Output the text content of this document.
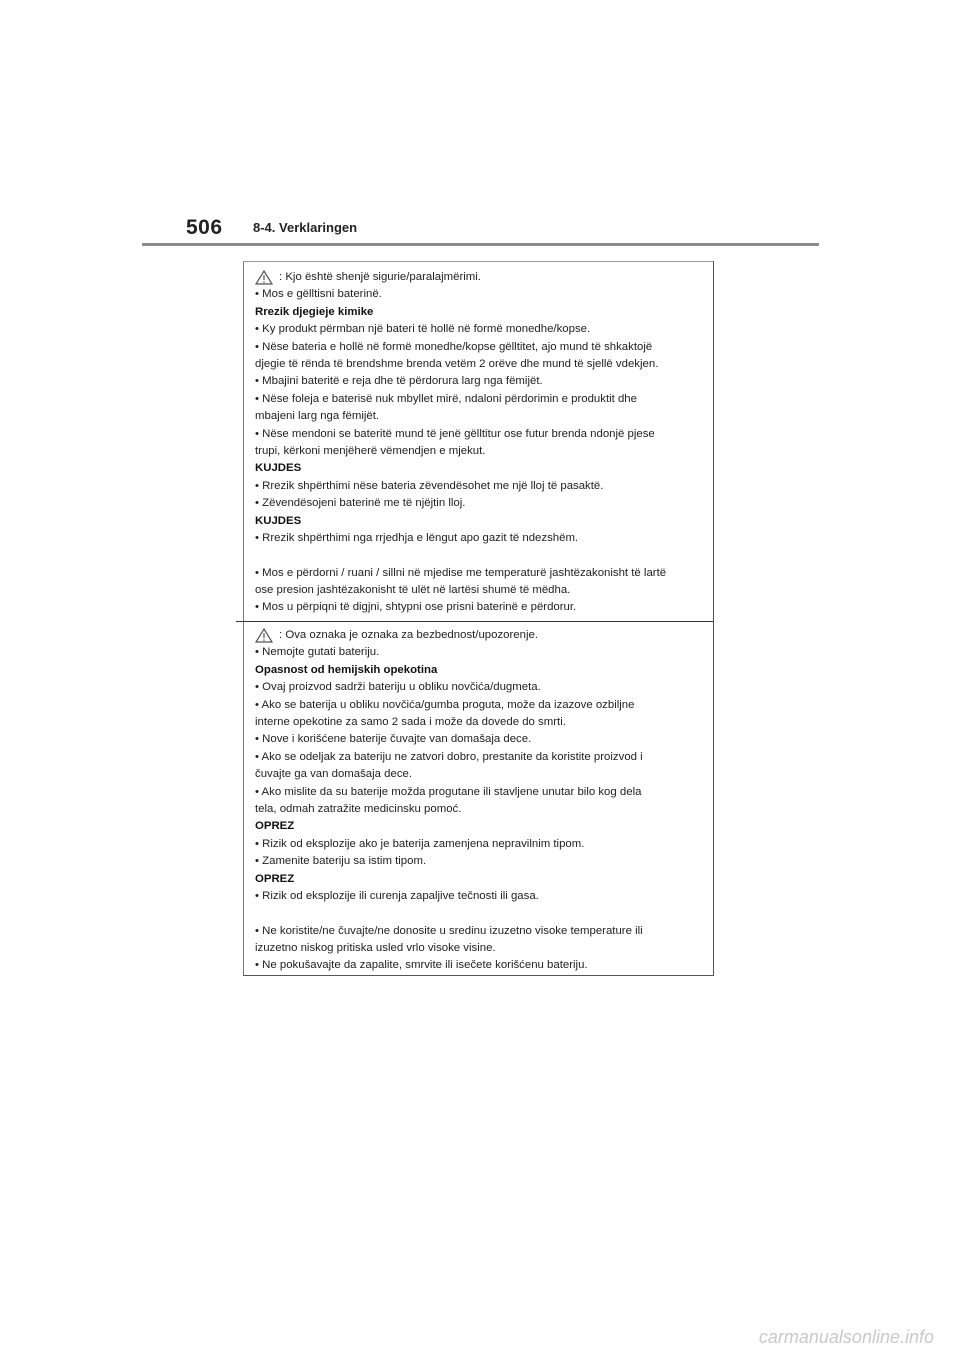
506 8-4. Verklaringen
: Kjo është shenjë sigurie/paralajmërimi.
• Mos e gëlltisni baterinë.
Rrezik djegieje kimike
• Ky produkt përmban një bateri të hollë në formë monedhe/kopse.
• Nëse bateria e hollë në formë monedhe/kopse gëlltitet, ajo mund të shkaktojë
djegie të rënda të brendshme brenda vetëm 2 orëve dhe mund të sjellë vdekjen.
• Mbajini bateritë e reja dhe të përdorura larg nga fëmijët.
• Nëse foleja e baterisë nuk mbyllet mirë, ndaloni përdorimin e produktit dhe
mbajeni larg nga fëmijët.
• Nëse mendoni se bateritë mund të jenë gëlltitur ose futur brenda ndonjë pjese
trupi, kërkoni menjëherë vëmendjen e mjekut.
KUJDES
• Rrezik shpërthimi nëse bateria zëvendësohet me një lloj të pasaktë.
• Zëvendësojeni baterinë me të njëjtin lloj.
KUJDES
• Rrezik shpërthimi nga rrjedhja e lëngut apo gazit të ndezshëm.
• Mos e përdorni / ruani / sillni në mjedise me temperaturë jashtëzakonisht të lartë
ose presion jashtëzakonisht të ulët në lartësi shumë të mëdha.
• Mos u përpiqni të digjni, shtypni ose prisni baterinë e përdorur.
: Ova oznaka je oznaka za bezbednost/upozorenje.
• Nemojte gutati bateriju.
Opasnost od hemijskih opekotina
• Ovaj proizvod sadrži bateriju u obliku novčića/dugmeta.
• Ako se baterija u obliku novčića/gumba proguta, može da izazove ozbiljne
interne opekotine za samo 2 sada i može da dovede do smrti.
• Nove i korišćene baterije čuvajte van domašaja dece.
• Ako se odeljak za bateriju ne zatvori dobro, prestanite da koristite proizvod i
čuvajte ga van domašaja dece.
• Ako mislite da su baterije možda progutane ili stavljene unutar bilo kog dela
tela, odmah zatražite medicinsku pomoć.
OPREZ
• Rizik od eksplozije ako je baterija zamenjena nepravilnim tipom.
• Zamenite bateriju sa istim tipom.
OPREZ
• Rizik od eksplozije ili curenja zapaljive tečnosti ili gasa.
• Ne koristite/ne čuvajte/ne donosite u sredinu izuzetno visoke temperature ili
izuzetno niskog pritiska usled vrlo visoke visine.
• Ne pokušavajte da zapalite, smrvite ili isečete korišćenu bateriju.
carmanualsonline.info
